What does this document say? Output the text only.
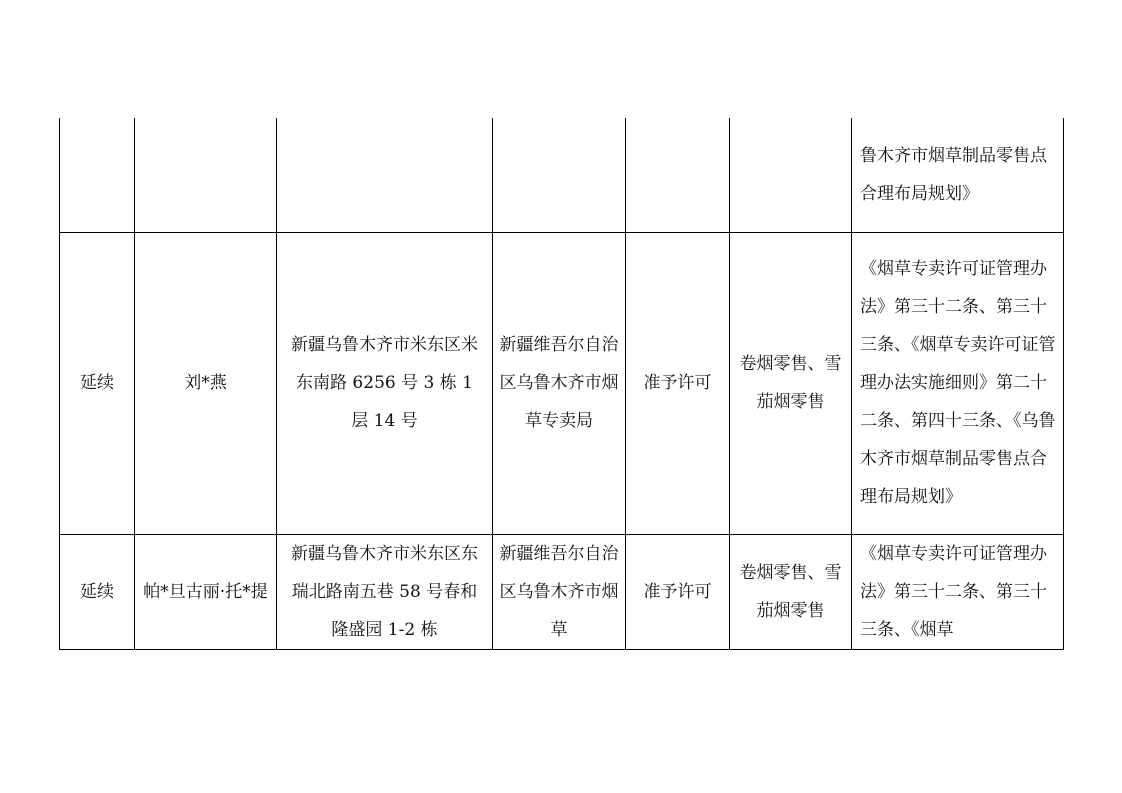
						鲁木齐市烟草制品零售点合理布局规划》
延续	刘*燕	新疆乌鲁木齐市米东区米东南路 6256 号 3 栋 1 层 14 号	新疆维吾尔自治区乌鲁木齐市烟草专卖局	准予许可	卷烟零售、雪茄烟零售	《烟草专卖许可证管理办法》第三十二条、第三十三条、《烟草专卖许可证管理办法实施细则》第二十二条、第四十三条、《乌鲁木齐市烟草制品零售点合理布局规划》
延续	帕*旦古丽·托*提	新疆乌鲁木齐市米东区东瑞北路南五巷 58 号春和隆盛园 1-2 栋	新疆维吾尔自治区乌鲁木齐市烟草	准予许可	卷烟零售、雪茄烟零售	《烟草专卖许可证管理办法》第三十二条、第三十三条、《烟草
